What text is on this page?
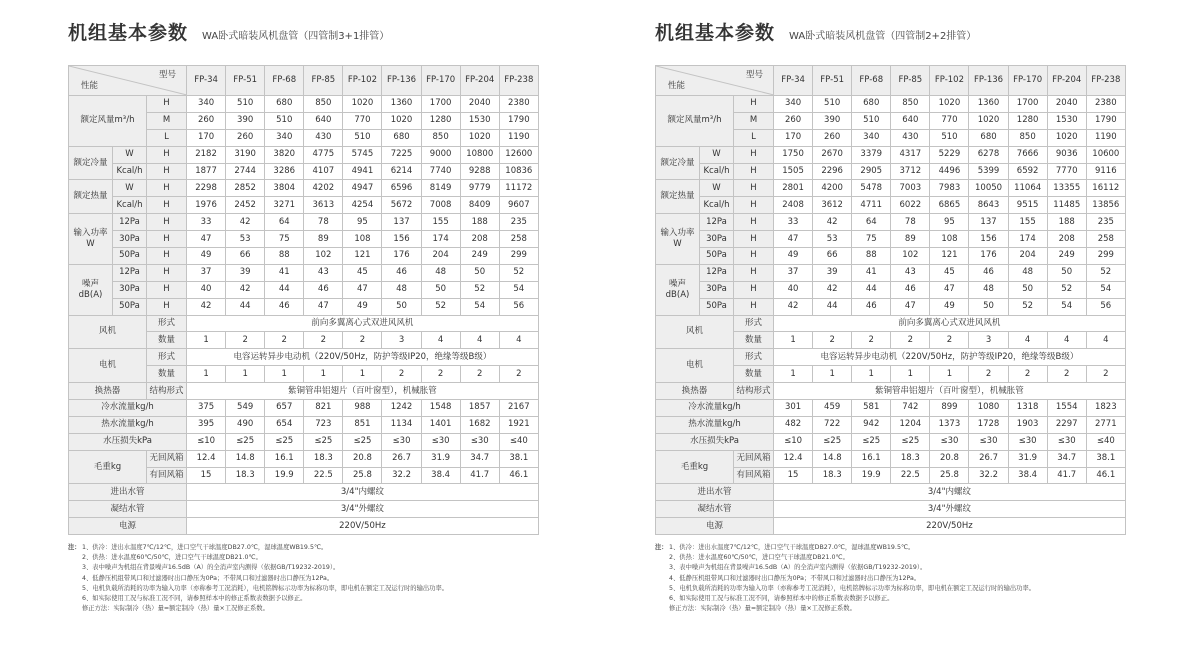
机组基本参数 WA卧式暗装风机盘管（四管制3+1排管）
型号
性能			FP-34	FP-51	FP-68	FP-85	FP-102	FP-136	FP-170	FP-204	FP-238
额定风量m³/h		H	340	510	680	850	1020	1360	1700	2040	2380
		M	260	390	510	640	770	1020	1280	1530	1790
		L	170	260	340	430	510	680	850	1020	1190
额定冷量	W	H	2182	3190	3820	4775	5745	7225	9000	10800	12600
	Kcal/h	H	1877	2744	3286	4107	4941	6214	7740	9288	10836
额定热量	W	H	2298	2852	3804	4202	4947	6596	8149	9779	11172
	Kcal/h	H	1976	2452	3271	3613	4254	5672	7008	8409	9607
输入功率
W	12Pa	H	33	42	64	78	95	137	155	188	235
	30Pa	H	47	53	75	89	108	156	174	208	258
	50Pa	H	49	66	88	102	121	176	204	249	299
噪声
dB(A)	12Pa	H	37	39	41	43	45	46	48	50	52
	30Pa	H	40	42	44	46	47	48	50	52	54
	50Pa	H	42	44	46	47	49	50	52	54	56
风机		形式	前向多翼离心式双进风风机								
		数量	1	2	2	2	2	3	4	4	4
电机		形式	电容运转异步电动机（220V/50Hz，防护等级IP20，绝缘等级B级）								
		数量	1	1	1	1	1	2	2	2	2
换热器		结构形式	紫铜管串铝翅片（百叶窗型），机械胀管								
冷水流量kg/h			375	549	657	821	988	1242	1548	1857	2167
热水流量kg/h			395	490	654	723	851	1134	1401	1682	1921
水压损失kPa			≤10	≤25	≤25	≤25	≤25	≤30	≤30	≤30	≤40
毛重kg		无回风箱	12.4	14.8	16.1	18.3	20.8	26.7	31.9	34.7	38.1
		有回风箱	15	18.3	19.9	22.5	25.8	32.2	38.4	41.7	46.1
进出水管			3/4"内螺纹								
凝结水管			3/4"外螺纹								
电源			220V/50Hz								
注： 1、供冷：进出水温度7℃/12℃，进口空气干球温度DB27.0℃，湿球温度WB19.5℃。
2、供热：进水温度60℃/50℃，进口空气干球温度DB21.0℃。
3、表中噪声为机组在背景噪声16.5dB（A）的全消声室内测得（依据GB/T19232-2019）。
4、低静压机组带风口和过滤器时出口静压为0Pa；不带风口和过滤器时出口静压为12Pa。
5、电机负载所消耗的功率为输入功率（亦称参考工况消耗），电机铭牌标示功率为标称功率，即电机在额定工况运行时的输出功率。
6、如实际使用工况与标准工况不同，请参照样本中的修正系数表数据予以修正。
修正方法：实际制冷（热）量=额定制冷（热）量×工况修正系数。
机组基本参数 WA卧式暗装风机盘管（四管制2+2排管）
型号
性能			FP-34	FP-51	FP-68	FP-85	FP-102	FP-136	FP-170	FP-204	FP-238
额定风量m³/h		H	340	510	680	850	1020	1360	1700	2040	2380
		M	260	390	510	640	770	1020	1280	1530	1790
		L	170	260	340	430	510	680	850	1020	1190
额定冷量	W	H	1750	2670	3379	4317	5229	6278	7666	9036	10600
	Kcal/h	H	1505	2296	2905	3712	4496	5399	6592	7770	9116
额定热量	W	H	2801	4200	5478	7003	7983	10050	11064	13355	16112
	Kcal/h	H	2408	3612	4711	6022	6865	8643	9515	11485	13856
输入功率
W	12Pa	H	33	42	64	78	95	137	155	188	235
	30Pa	H	47	53	75	89	108	156	174	208	258
	50Pa	H	49	66	88	102	121	176	204	249	299
噪声
dB(A)	12Pa	H	37	39	41	43	45	46	48	50	52
	30Pa	H	40	42	44	46	47	48	50	52	54
	50Pa	H	42	44	46	47	49	50	52	54	56
风机		形式	前向多翼离心式双进风风机								
		数量	1	2	2	2	2	3	4	4	4
电机		形式	电容运转异步电动机（220V/50Hz，防护等级IP20，绝缘等级B级）								
		数量	1	1	1	1	1	2	2	2	2
换热器		结构形式	紫铜管串铝翅片（百叶窗型），机械胀管								
冷水流量kg/h			301	459	581	742	899	1080	1318	1554	1823
热水流量kg/h			482	722	942	1204	1373	1728	1903	2297	2771
水压损失kPa			≤10	≤25	≤25	≤25	≤30	≤30	≤30	≤30	≤40
毛重kg		无回风箱	12.4	14.8	16.1	18.3	20.8	26.7	31.9	34.7	38.1
		有回风箱	15	18.3	19.9	22.5	25.8	32.2	38.4	41.7	46.1
进出水管			3/4"内螺纹								
凝结水管			3/4"外螺纹								
电源			220V/50Hz								
注： 1、供冷：进出水温度7℃/12℃，进口空气干球温度DB27.0℃，湿球温度WB19.5℃。
2、供热：进水温度60℃/50℃，进口空气干球温度DB21.0℃。
3、表中噪声为机组在背景噪声16.5dB（A）的全消声室内测得（依据GB/T19232-2019）。
4、低静压机组带风口和过滤器时出口静压为0Pa；不带风口和过滤器时出口静压为12Pa。
5、电机负载所消耗的功率为输入功率（亦称参考工况消耗），电机铭牌标示功率为标称功率，即电机在额定工况运行时的输出功率。
6、如实际使用工况与标准工况不同，请参照样本中的修正系数表数据予以修正。
修正方法：实际制冷（热）量=额定制冷（热）量×工况修正系数。
